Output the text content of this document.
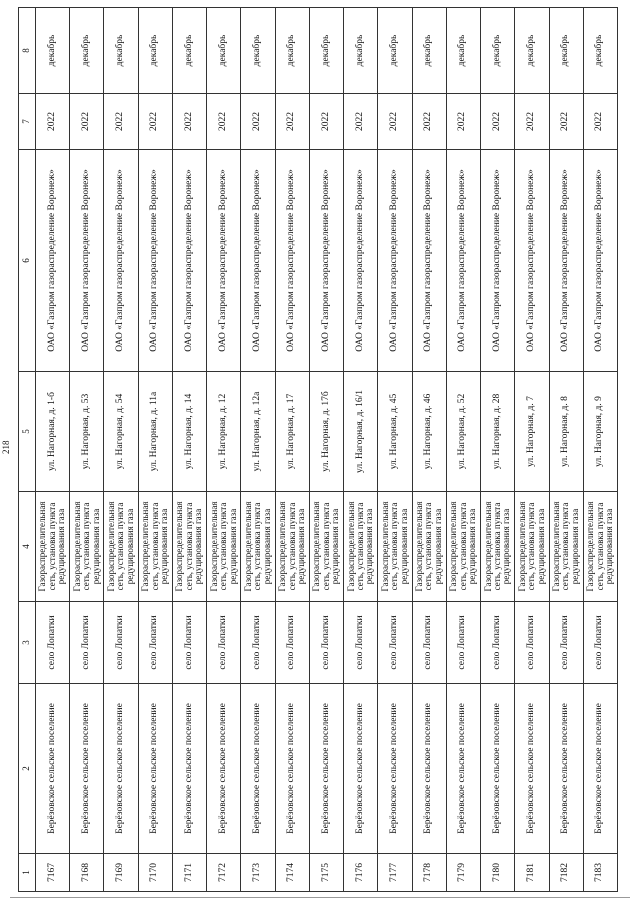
218
1	2	3	4	5	6	7	8
7167	Берёзовское сельское поселение	село Лопатки	Газораспределительная сеть, установка пункта редуцирования газа	ул. Нагорная, д. 1-б	ОАО «Газпром газораспределение Воронеж»	2022	декабрь
7168	Берёзовское сельское поселение	село Лопатки	Газораспределительная сеть, установка пункта редуцирования газа	ул. Нагорная, д. 53	ОАО «Газпром газораспределение Воронеж»	2022	декабрь
7169	Берёзовское сельское поселение	село Лопатки	Газораспределительная сеть, установка пункта редуцирования газа	ул. Нагорная, д. 54	ОАО «Газпром газораспределение Воронеж»	2022	декабрь
7170	Берёзовское сельское поселение	село Лопатки	Газораспределительная сеть, установка пункта редуцирования газа	ул. Нагорная, д. 11а	ОАО «Газпром газораспределение Воронеж»	2022	декабрь
7171	Берёзовское сельское поселение	село Лопатки	Газораспределительная сеть, установка пункта редуцирования газа	ул. Нагорная, д. 14	ОАО «Газпром газораспределение Воронеж»	2022	декабрь
7172	Берёзовское сельское поселение	село Лопатки	Газораспределительная сеть, установка пункта редуцирования газа	ул. Нагорная, д. 12	ОАО «Газпром газораспределение Воронеж»	2022	декабрь
7173	Берёзовское сельское поселение	село Лопатки	Газораспределительная сеть, установка пункта редуцирования газа	ул. Нагорная, д. 12а	ОАО «Газпром газораспределение Воронеж»	2022	декабрь
7174	Берёзовское сельское поселение	село Лопатки	Газораспределительная сеть, установка пункта редуцирования газа	ул. Нагорная, д. 17	ОАО «Газпром газораспределение Воронеж»	2022	декабрь
7175	Берёзовское сельское поселение	село Лопатки	Газораспределительная сеть, установка пункта редуцирования газа	ул. Нагорная, д. 17б	ОАО «Газпром газораспределение Воронеж»	2022	декабрь
7176	Берёзовское сельское поселение	село Лопатки	Газораспределительная сеть, установка пункта редуцирования газа	ул. Нагорная, д. 16/1	ОАО «Газпром газораспределение Воронеж»	2022	декабрь
7177	Берёзовское сельское поселение	село Лопатки	Газораспределительная сеть, установка пункта редуцирования газа	ул. Нагорная, д. 45	ОАО «Газпром газораспределение Воронеж»	2022	декабрь
7178	Берёзовское сельское поселение	село Лопатки	Газораспределительная сеть, установка пункта редуцирования газа	ул. Нагорная, д. 46	ОАО «Газпром газораспределение Воронеж»	2022	декабрь
7179	Берёзовское сельское поселение	село Лопатки	Газораспределительная сеть, установка пункта редуцирования газа	ул. Нагорная, д. 52	ОАО «Газпром газораспределение Воронеж»	2022	декабрь
7180	Берёзовское сельское поселение	село Лопатки	Газораспределительная сеть, установка пункта редуцирования газа	ул. Нагорная, д. 28	ОАО «Газпром газораспределение Воронеж»	2022	декабрь
7181	Берёзовское сельское поселение	село Лопатки	Газораспределительная сеть, установка пункта редуцирования газа	ул. Нагорная, д. 7	ОАО «Газпром газораспределение Воронеж»	2022	декабрь
7182	Берёзовское сельское поселение	село Лопатки	Газораспределительная сеть, установка пункта редуцирования газа	ул. Нагорная, д. 8	ОАО «Газпром газораспределение Воронеж»	2022	декабрь
7183	Берёзовское сельское поселение	село Лопатки	Газораспределительная сеть, установка пункта редуцирования газа	ул. Нагорная, д. 9	ОАО «Газпром газораспределение Воронеж»	2022	декабрь
